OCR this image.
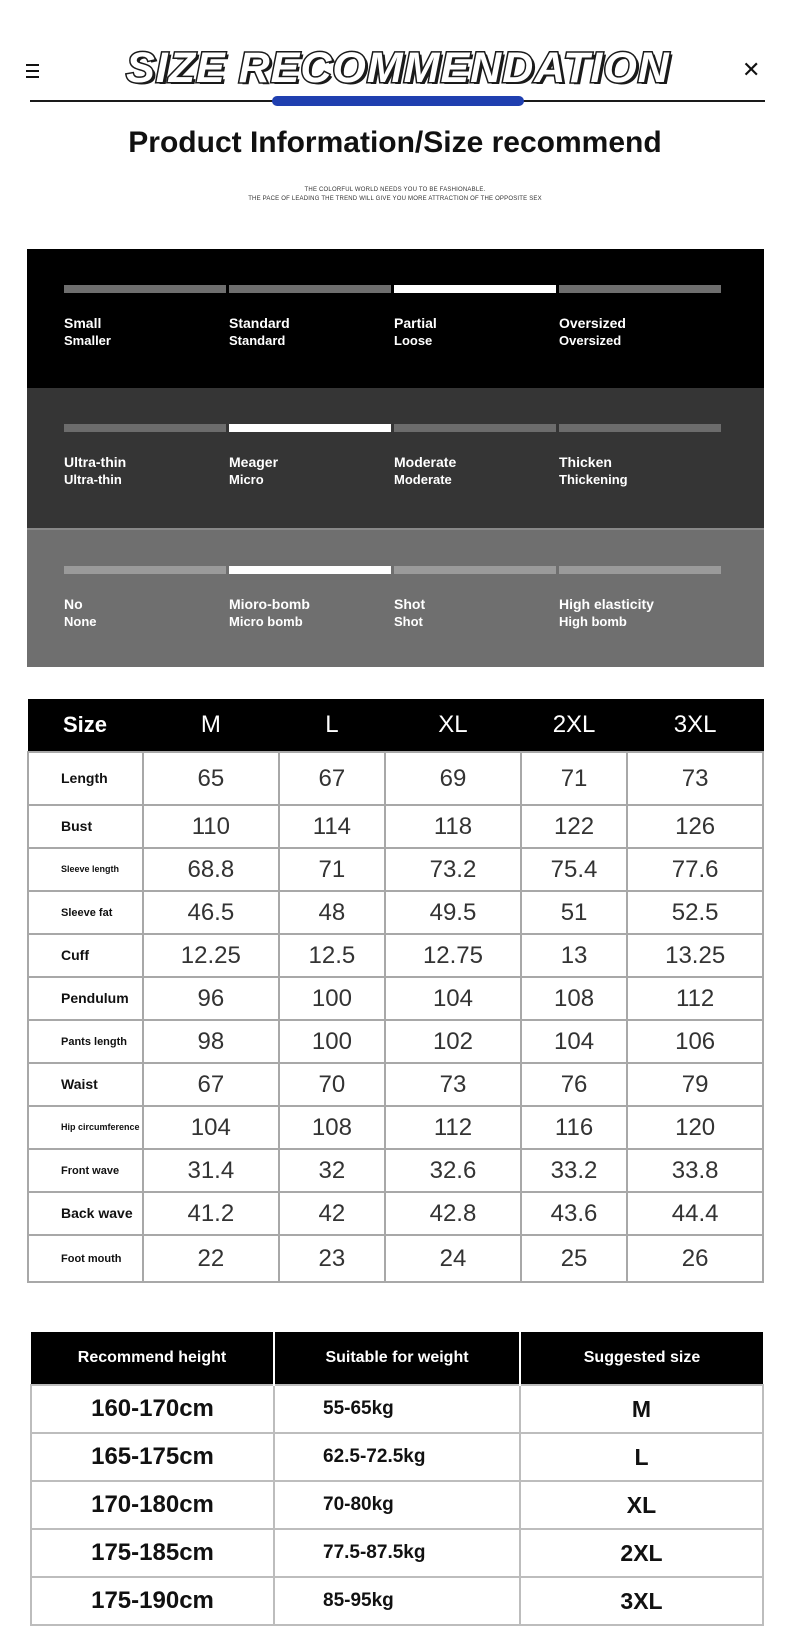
SIZE RECOMMENDATION	✕
Product Information/Size recommend
THE COLORFUL WORLD NEEDS YOU TO BE FASHIONABLE.
THE PACE OF LEADING THE TREND WILL GIVE YOU MORE ATTRACTION OF THE OPPOSITE SEX
Small
Smaller
Standard
Standard
Partial
Loose
Oversized
Oversized
Ultra-thin
Ultra-thin
Meager
Micro
Moderate
Moderate
Thicken
Thickening
No
None
Mioro-bomb
Micro bomb
Shot
Shot
High elasticity
High bomb
Size	M	L	XL	2XL	3XL
Length	65	67	69	71	73
Bust	110	114	118	122	126
Sleeve length	68.8	71	73.2	75.4	77.6
Sleeve fat	46.5	48	49.5	51	52.5
Cuff	12.25	12.5	12.75	13	13.25
Pendulum	96	100	104	108	112
Pants length	98	100	102	104	106
Waist	67	70	73	76	79
Hip circumference	104	108	112	116	120
Front wave	31.4	32	32.6	33.2	33.8
Back wave	41.2	42	42.8	43.6	44.4
Foot mouth	22	23	24	25	26
Recommend height	Suitable for weight	Suggested size
160-170cm	55-65kg	M
165-175cm	62.5-72.5kg	L
170-180cm	70-80kg	XL
175-185cm	77.5-87.5kg	2XL
175-190cm	85-95kg	3XL
